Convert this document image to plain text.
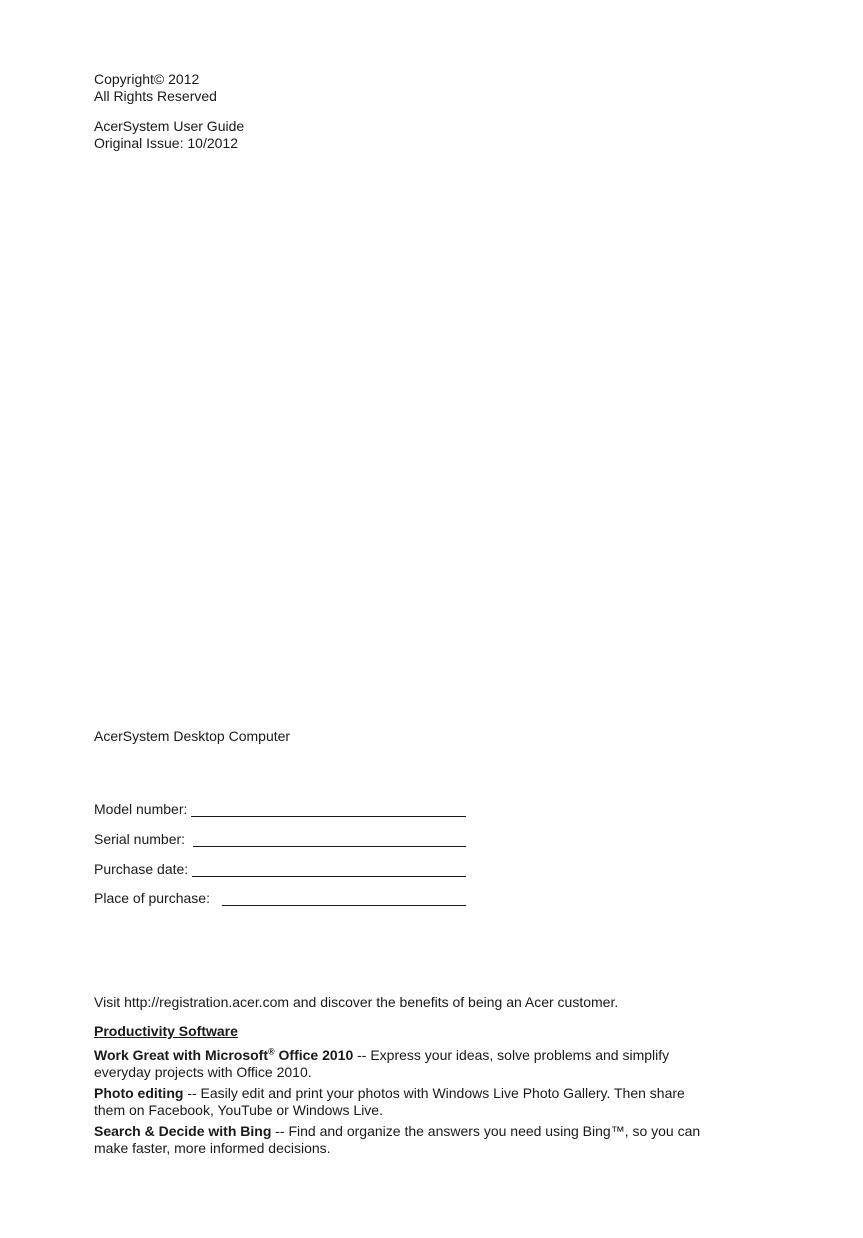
Copyright© 2012
All Rights Reserved
AcerSystem User Guide
Original Issue: 10/2012
AcerSystem Desktop Computer
Model number:
Serial number:
Purchase date:
Place of purchase:
Visit http://registration.acer.com and discover the benefits of being an Acer customer.
Productivity Software
Work Great with Microsoft® Office 2010 -- Express your ideas, solve problems and simplify
everyday projects with Office 2010.
Photo editing -- Easily edit and print your photos with Windows Live Photo Gallery. Then share
them on Facebook, YouTube or Windows Live.
Search & Decide with Bing -- Find and organize the answers you need using Bing™, so you can
make faster, more informed decisions.
